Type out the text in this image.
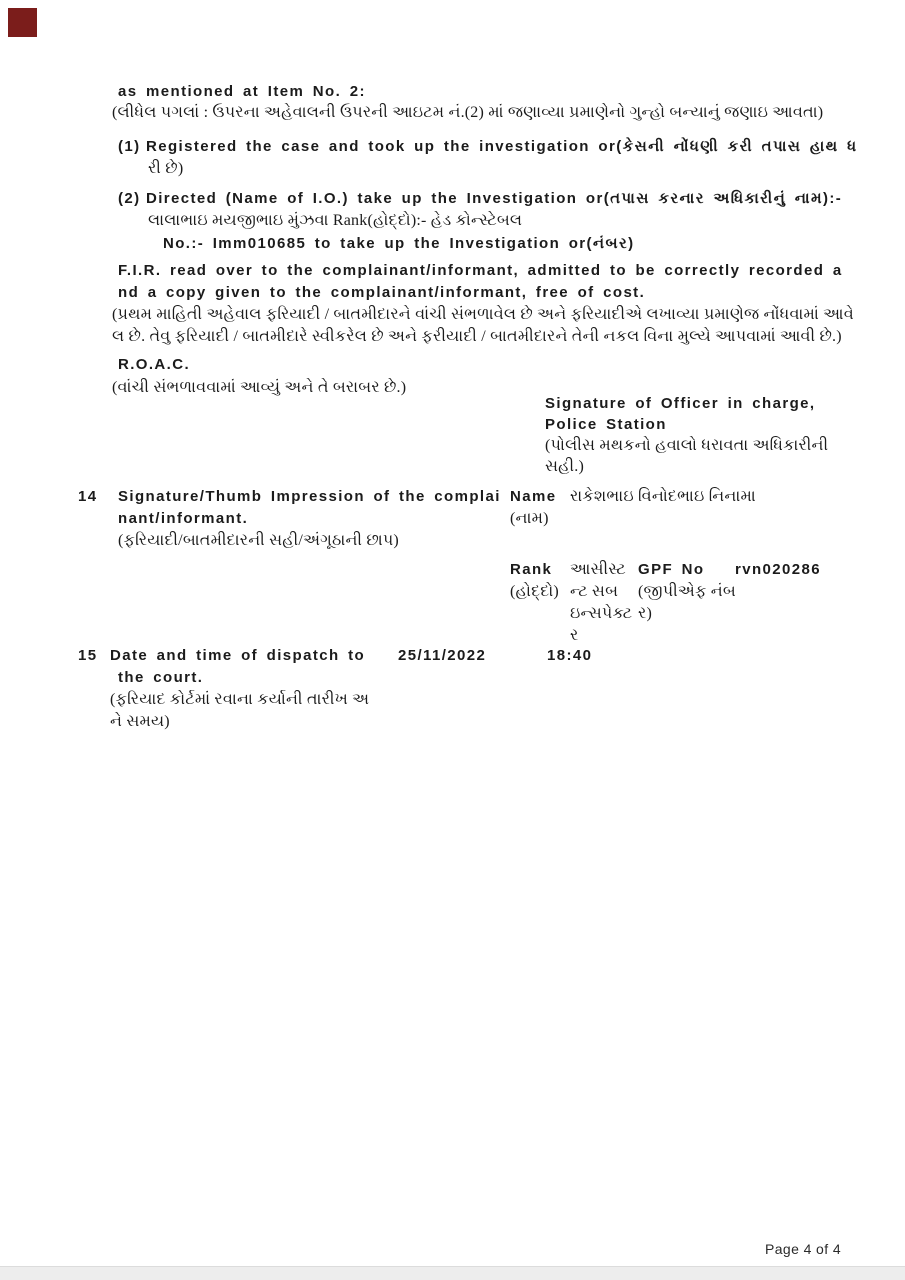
as mentioned at Item No. 2:
(લીધેલ પગલાં : ઉપરના અહેવાલની ઉપરની આઇટમ નં.(2) માં જણાવ્યા પ્રમાણેનો ગુન્હો બન્યાનું જણાઇ આવતા)
(1) Registered the case and took up the investigation or(કેસની નોંધણી કરી તપાસ હાથ ધ
રી છે)
(2) Directed (Name of I.O.) take up the Investigation or(તપાસ કરનાર અધિકારીનું નામ):-
લાલાભાઇ મયજીભાઇ મુંઝવા Rank(હોદ્દો):- હેડ કોન્સ્ટેબલ
No.:- Imm010685 to take up the Investigation or(નંબર)
F.I.R. read over to the complainant/informant, admitted to be correctly recorded a
nd a copy given to the complainant/informant, free of cost.
(પ્રથમ માહિતી અહેવાલ ફરિયાદી / બાતમીદારને વાંચી સંભળાવેલ છે અને ફરિયાદીએ લખાવ્યા પ્રમાણેજ નોંધવામાં આવે
લ છે. તેવુ ફરિયાદી / બાતમીદારે સ્વીકરેલ છે અને ફરીયાદી / બાતમીદારને તેની નકલ વિના મુલ્યે આપવામાં આવી છે.)
R.O.A.C.
(વાંચી સંભળાવવામાં આવ્યું અને તે બરાબર છે.)
Signature of Officer in charge,
Police Station
(પોલીસ મથકનો હવાલો ધરાવતા અધિકારીની
સહી.)
14 Signature/Thumb Impression of the complai
nant/informant.
(ફરિયાદી/બાતમીદારની સહી/અંગૂઠાની છાપ)
Name
(નામ)
રાકેશભાઇ વિનોદભાઇ નિનામા
Rank
(હોદ્દો)
આસીસ્ટ
ન્ટ સબ
ઇન્સપેક્ટ
ર
GPF No
(જીપીએફ નંબ
ર)
rvn020286
15 Date and time of dispatch to
the court.
(ફરિયાદ કોર્ટમાં રવાના કર્યાની તારીખ અ
ને સમય)
25/11/2022	18:40
Page 4 of 4
